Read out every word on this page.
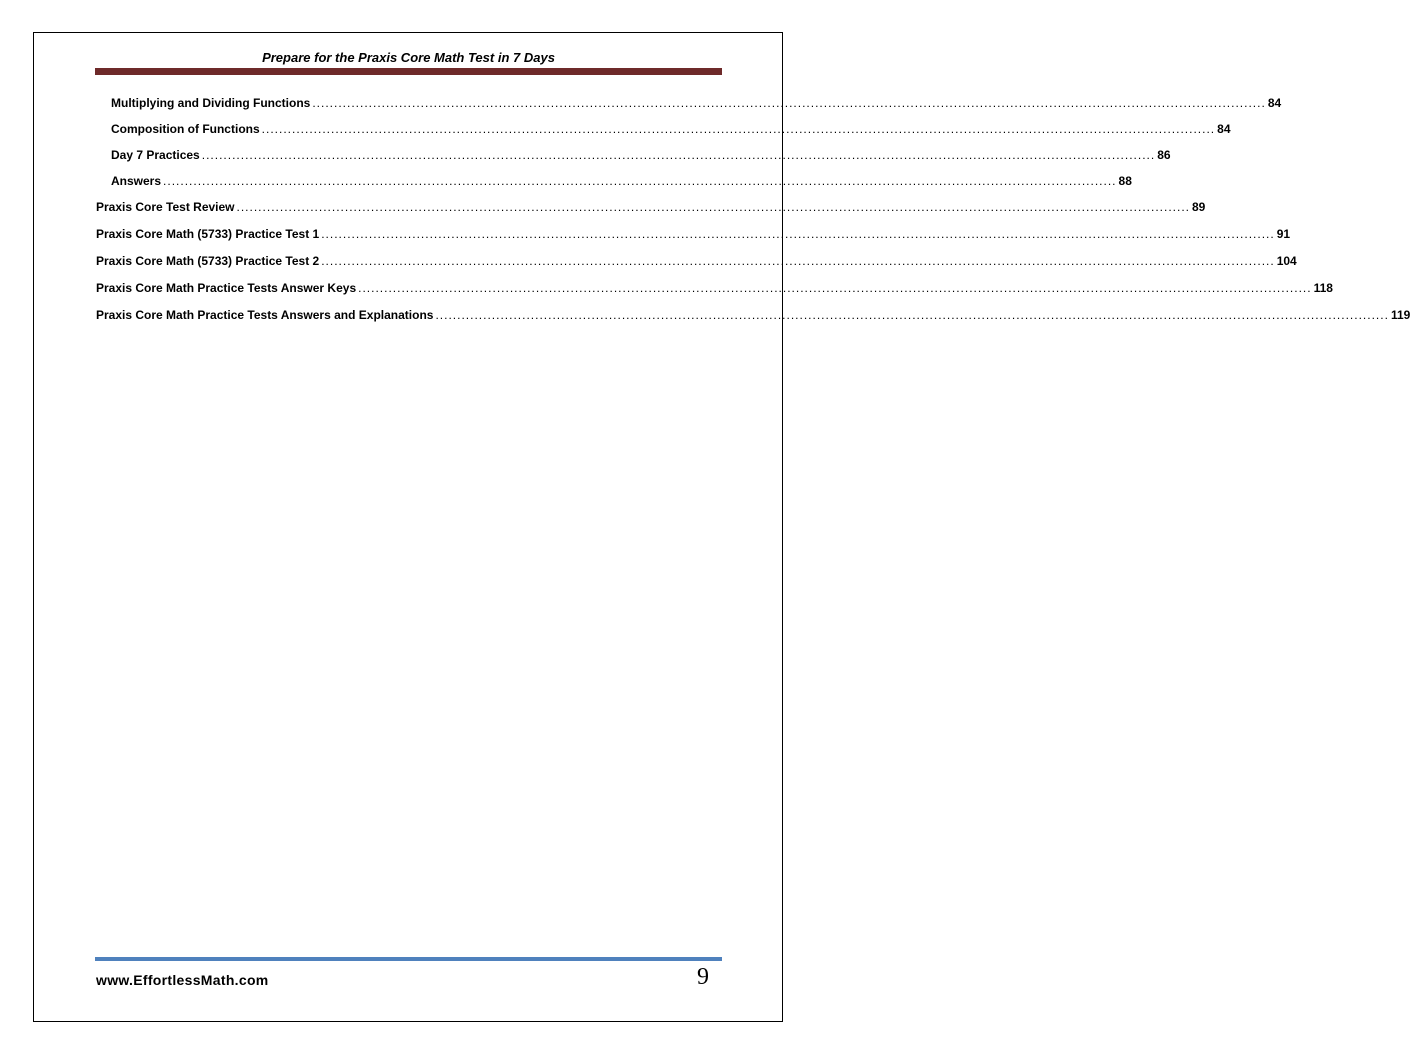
Prepare for the Praxis Core Math Test in 7 Days
Multiplying and Dividing Functions ............................................................................................................................................................................................................................ 84
Composition of Functions ............................................................................................................................................................................................................................ 84
Day 7 Practices ............................................................................................................................................................................................................................ 86
Answers ............................................................................................................................................................................................................................ 88
Praxis Core Test Review ............................................................................................................................................................................................................................ 89
Praxis Core Math (5733) Practice Test 1 ............................................................................................................................................................................................................................ 91
Praxis Core Math (5733) Practice Test 2 ............................................................................................................................................................................................................................ 104
Praxis Core Math Practice Tests Answer Keys ............................................................................................................................................................................................................................ 118
Praxis Core Math Practice Tests Answers and Explanations ............................................................................................................................................................................................................................ 119
www.EffortlessMath.com	9
